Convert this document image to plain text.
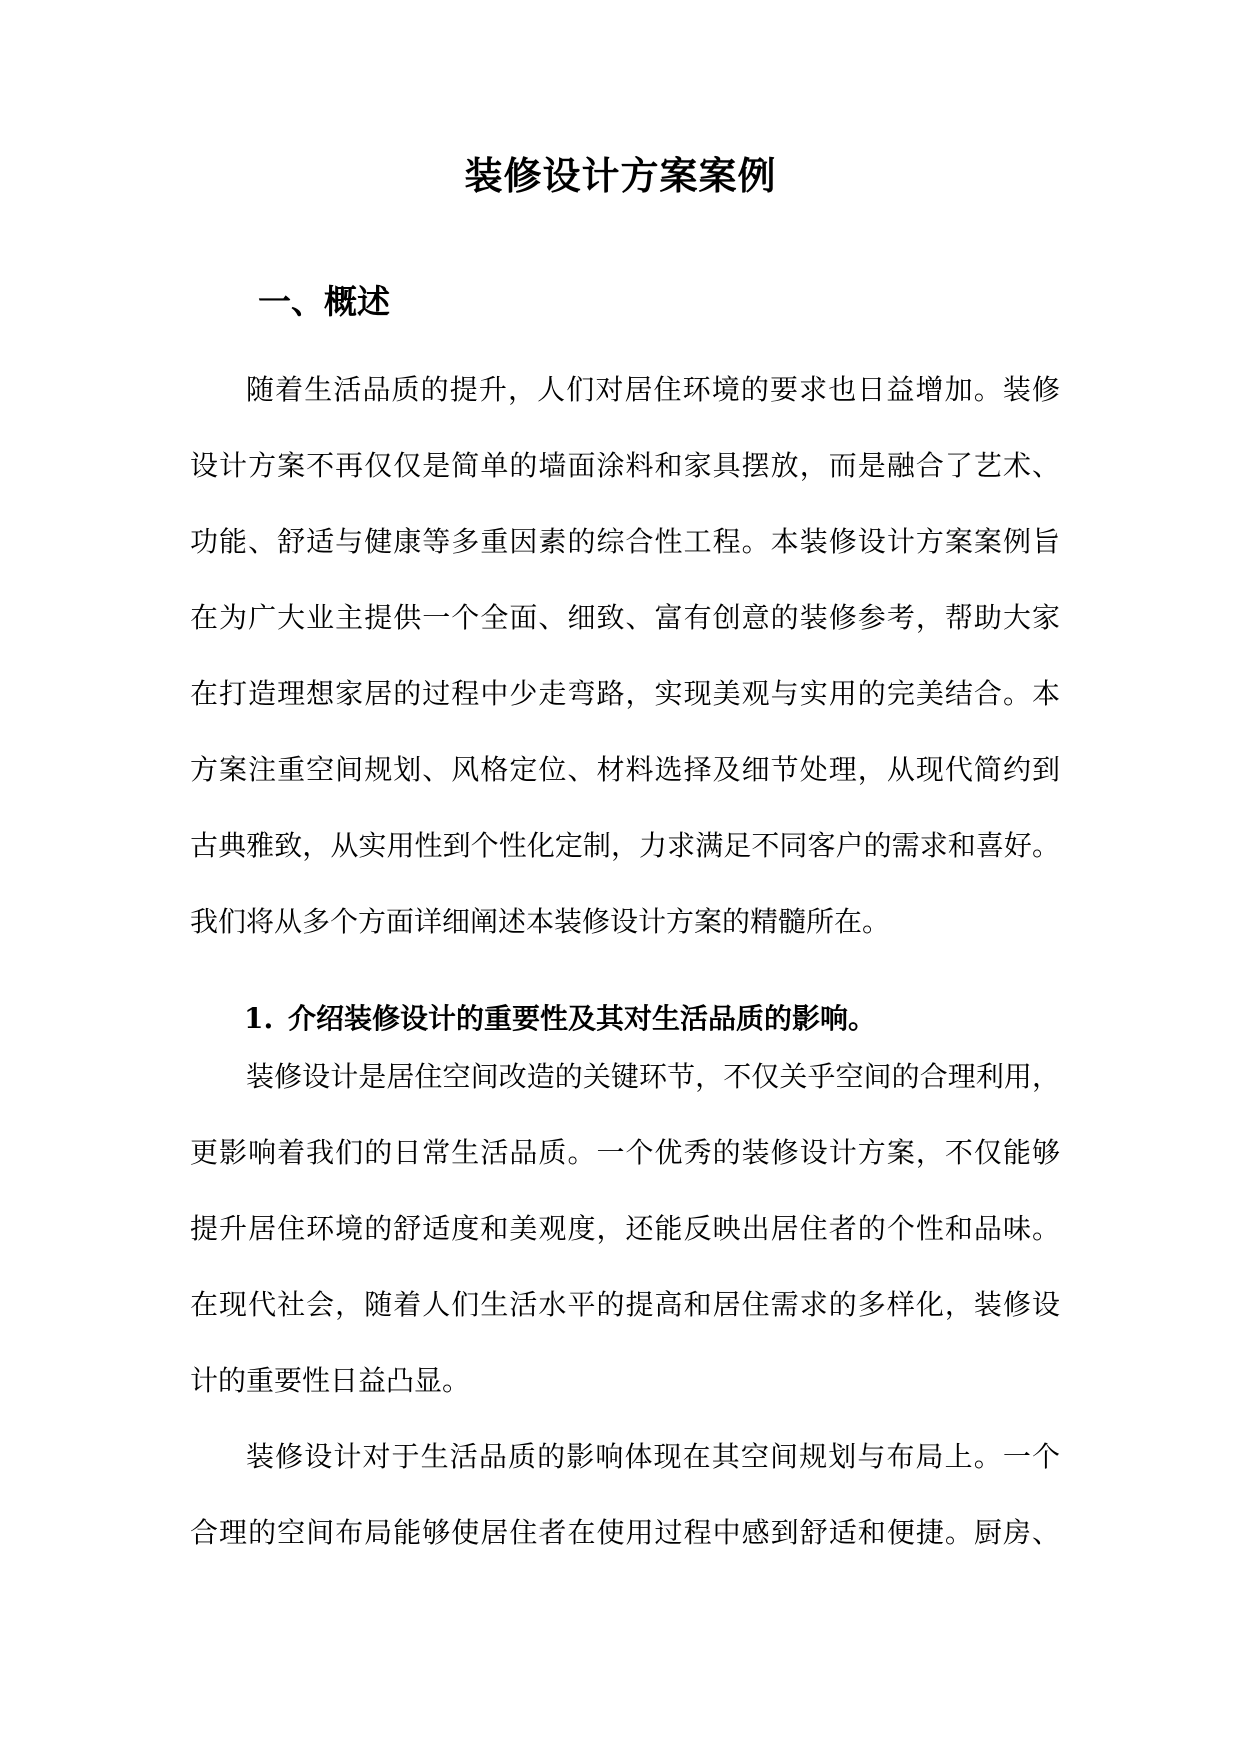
装修设计方案案例
一、概述
随着生活品质的提升，人们对居住环境的要求也日益增加。装修
设计方案不再仅仅是简单的墙面涂料和家具摆放，而是融合了艺术、
功能、舒适与健康等多重因素的综合性工程。本装修设计方案案例旨
在为广大业主提供一个全面、细致、富有创意的装修参考，帮助大家
在打造理想家居的过程中少走弯路，实现美观与实用的完美结合。本
方案注重空间规划、风格定位、材料选择及细节处理，从现代简约到
古典雅致，从实用性到个性化定制，力求满足不同客户的需求和喜好。
我们将从多个方面详细阐述本装修设计方案的精髓所在。
1. 介绍装修设计的重要性及其对生活品质的影响。
装修设计是居住空间改造的关键环节，不仅关乎空间的合理利用，
更影响着我们的日常生活品质。一个优秀的装修设计方案，不仅能够
提升居住环境的舒适度和美观度，还能反映出居住者的个性和品味。
在现代社会，随着人们生活水平的提高和居住需求的多样化，装修设
计的重要性日益凸显。
装修设计对于生活品质的影响体现在其空间规划与布局上。一个
合理的空间布局能够使居住者在使用过程中感到舒适和便捷。厨房、
